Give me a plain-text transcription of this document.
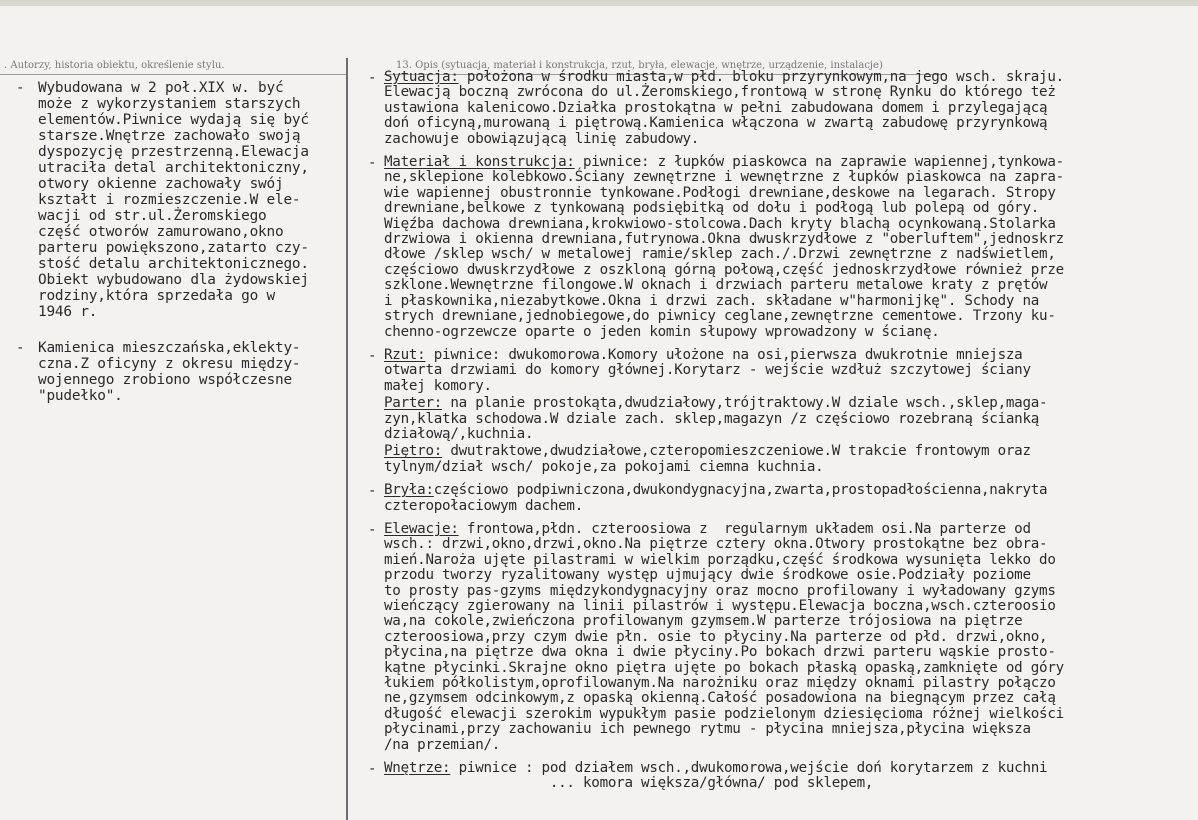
. Autorzy, historia obiektu, określenie stylu.	13. Opis (sytuacja, materiał i konstrukcja, rzut, bryła, elewacje, wnętrze, urządzenie, instalacje)
- Wybudowana w 2 poł.XIX w. być
może z wykorzystaniem starszych
elementów.Piwnice wydają się być
starsze.Wnętrze zachowało swoją
dyspozycję przestrzenną.Elewacja
utraciła detal architektoniczny,
otwory okienne zachowały swój
kształt i rozmieszczenie.W ele-
wacji od str.ul.Żeromskiego
część otworów zamurowano,okno
parteru powiększono,zatarto czy-
stość detalu architektonicznego.
Obiekt wybudowano dla żydowskiej
rodziny,która sprzedała go w
1946 r.
- Kamienica mieszczańska,eklekty-
czna.Z oficyny z okresu między-
wojennego zrobiono współczesne
"pudełko".
- Sytuacja: położona w środku miasta,w płd. bloku przyrynkowym,na jego wsch. skraju.
Elewacją boczną zwrócona do ul.Żeromskiego,frontową w stronę Rynku do którego też
ustawiona kalenicowo.Działka prostokątna w pełni zabudowana domem i przylegającą
doń oficyną,murowaną i piętrową.Kamienica włączona w zwartą zabudowę przyrynkową
zachowuje obowiązującą linię zabudowy.
- Materiał i konstrukcja: piwnice: z łupków piaskowca na zaprawie wapiennej,tynkowa-
ne,sklepione kolebkowo.Ściany zewnętrzne i wewnętrzne z łupków piaskowca na zapra-
wie wapiennej obustronnie tynkowane.Podłogi drewniane,deskowe na legarach. Stropy
drewniane,belkowe z tynkowaną podsiębitką od dołu i podłogą lub polepą od góry.
Więźba dachowa drewniana,krokwiowo-stolcowa.Dach kryty blachą ocynkowaną.Stolarka
drzwiowa i okienna drewniana,futrynowa.Okna dwuskrzydłowe z "oberluftem",jednoskrz
dłowe /sklep wsch/ w metalowej ramie/sklep zach./.Drzwi zewnętrzne z nadświetlem,
częściowo dwuskrzydłowe z oszkloną górną połową,część jednoskrzydłowe również prze
szklone.Wewnętrzne filongowe.W oknach i drzwiach parteru metalowe kraty z prętów
i płaskownika,niezabytkowe.Okna i drzwi zach. składane w"harmonijkę". Schody na
strych drewniane,jednobiegowe,do piwnicy ceglane,zewnętrzne cementowe. Trzony ku-
chenno-ogrzewcze oparte o jeden komin słupowy wprowadzony w ścianę.
- Rzut: piwnice: dwukomorowa.Komory ułożone na osi,pierwsza dwukrotnie mniejsza
otwarta drzwiami do komory głównej.Korytarz - wejście wzdłuż szczytowej ściany
małej komory.
Parter: na planie prostokąta,dwudziałowy,trójtraktowy.W dziale wsch.,sklep,maga-
zyn,klatka schodowa.W dziale zach. sklep,magazyn /z częściowo rozebraną ścianką
działową/,kuchnia.
Piętro: dwutraktowe,dwudziałowe,czteropomieszczeniowe.W trakcie frontowym oraz
tylnym/dział wsch/ pokoje,za pokojami ciemna kuchnia.
- Bryła:częściowo podpiwniczona,dwukondygnacyjna,zwarta,prostopadłościenna,nakryta
czteropołaciowym dachem.
- Elewacje: frontowa,płdn. czteroosiowa z  regularnym układem osi.Na parterze od
wsch.: drzwi,okno,drzwi,okno.Na piętrze cztery okna.Otwory prostokątne bez obra-
mień.Naroża ujęte pilastrami w wielkim porządku,część środkowa wysunięta lekko do
przodu tworzy ryzalitowany występ ujmujący dwie środkowe osie.Podziały poziome
to prosty pas-gzyms międzykondygnacyjny oraz mocno profilowany i wyładowany gzyms
wieńczący zgierowany na linii pilastrów i występu.Elewacja boczna,wsch.czteroosio
wa,na cokole,zwieńczona profilowanym gzymsem.W parterze trójosiowa na piętrze
czteroosiowa,przy czym dwie płn. osie to płyciny.Na parterze od płd. drzwi,okno,
płycina,na piętrze dwa okna i dwie płyciny.Po bokach drzwi parteru wąskie prosto-
kątne płycinki.Skrajne okno piętra ujęte po bokach płaską opaską,zamknięte od góry
łukiem półkolistym,oprofilowanym.Na narożniku oraz między oknami pilastry połączo
ne,gzymsem odcinkowym,z opaską okienną.Całość posadowiona na biegnącym przez całą
długość elewacji szerokim wypukłym pasie podzielonym dziesięcioma różnej wielkości
płycinami,przy zachowaniu ich pewnego rytmu - płycina mniejsza,płycina większa
/na przemian/.
- Wnętrze: piwnice : pod działem wsch.,dwukomorowa,wejście doń korytarzem z kuchni
... komora większa/główna/ pod sklepem,
